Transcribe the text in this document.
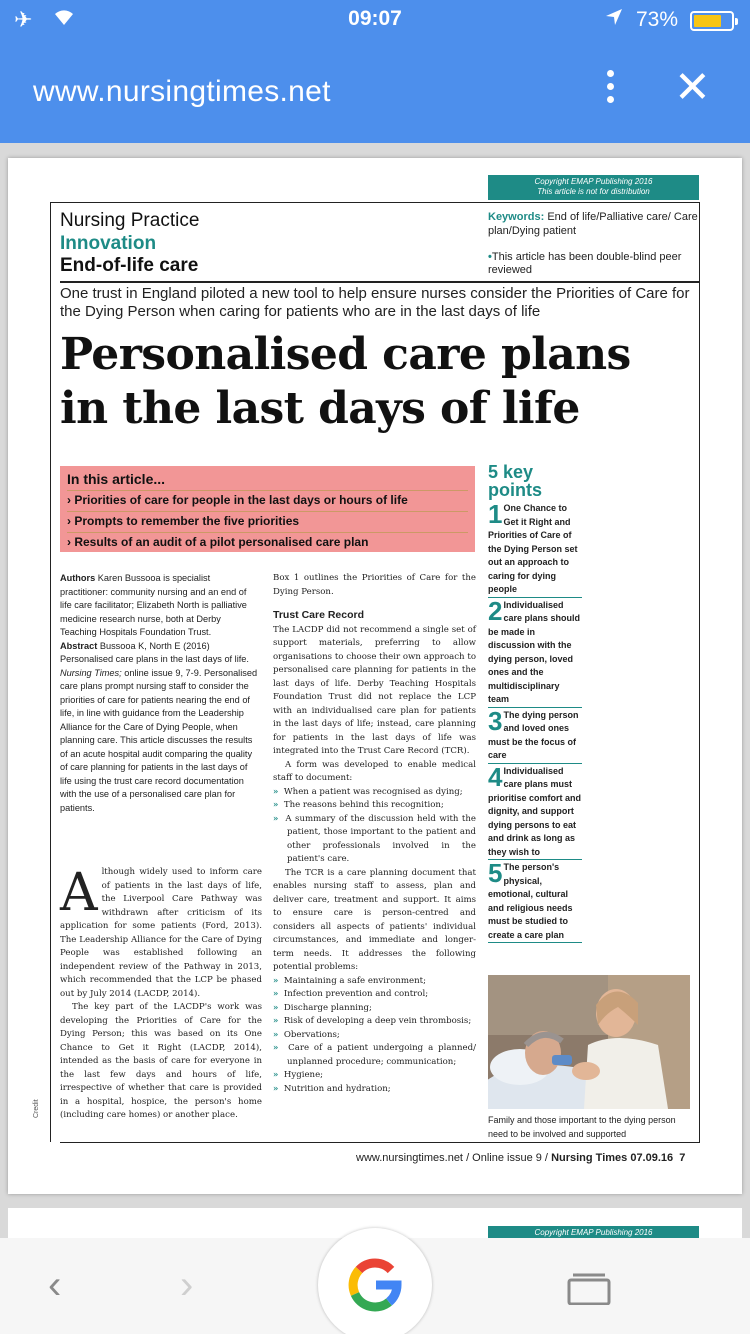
✈	09:07	73%
www.nursingtimes.net	✕
Copyright EMAP Publishing 2016
This article is not for distribution
Nursing Practice
Innovation
End-of-life care
Keywords: End of life/Palliative care/ Care plan/Dying patient
•This article has been double-blind peer reviewed
One trust in England piloted a new tool to help ensure nurses consider the Priorities of Care for the Dying Person when caring for patients who are in the last days of life
Personalised care plans
in the last days of life
In this article...
› Priorities of care for people in the last days or hours of life
› Prompts to remember the five priorities
› Results of an audit of a pilot personalised care plan
Authors Karen Bussooa is specialist practitioner: community nursing and an end of life care facilitator; Elizabeth North is palliative medicine research nurse, both at Derby Teaching Hospitals Foundation Trust.
Abstract Bussooa K, North E (2016) Personalised care plans in the last days of life. Nursing Times; online issue 9, 7-9. Personalised care plans prompt nursing staff to consider the priorities of care for patients nearing the end of life, in line with guidance from the Leadership Alliance for the Care of Dying People, when planning care. This article discusses the results of an acute hospital audit comparing the quality of care planning for patients in the last days of life using the trust care record documentation with the use of a personalised care plan for patients.
A lthough widely used to inform care of patients in the last days of life, the Liverpool Care Pathway was withdrawn after criticism of its application for some patients (Ford, 2013). The Leadership Alliance for the Care of Dying People was established following an independent review of the Pathway in 2013, which recommended that the LCP be phased out by July 2014 (LACDP, 2014).
The key part of the LACDP's work was developing the Priorities of Care for the Dying Person; this was based on its One Chance to Get it Right (LACDP, 2014), intended as the basis of care for everyone in the last few days and hours of life, irrespective of whether that care is provided in a hospital, hospice, the person's home (including care homes) or another place.
Box 1 outlines the Priorities of Care for the Dying Person.
Trust Care Record
The LACDP did not recommend a single set of support materials, preferring to allow organisations to choose their own approach to personalised care planning for patients in the last days of life. Derby Teaching Hospitals Foundation Trust did not replace the LCP with an individualised care plan for patients in the last days of life; instead, care planning for patients in the last days of life was integrated into the Trust Care Record (TCR).
A form was developed to enable medical staff to document:
» When a patient was recognised as dying;
» The reasons behind this recognition;
» A summary of the discussion held with the patient, those important to the patient and other professionals involved in the patient's care.
The TCR is a care planning document that enables nursing staff to assess, plan and deliver care, treatment and support. It aims to ensure care is person-centred and considers all aspects of patients' individual circumstances, and immediate and longer-term needs. It addresses the following potential problems:
» Maintaining a safe environment;
» Infection prevention and control;
» Discharge planning;
» Risk of developing a deep vein thrombosis;
» Obervations;
» Care of a patient undergoing a planned/ unplanned procedure; communication;
» Hygiene;
» Nutrition and hydration;
5 key
points
1 One Chance to Get it Right and Priorities of Care of the Dying Person set out an approach to caring for dying people
2 Individualised care plans should be made in discussion with the dying person, loved ones and the multidisciplinary team
3 The dying person and loved ones must be the focus of care
4 Individualised care plans must prioritise comfort and dignity, and support dying persons to eat and drink as long as they wish to
5 The person's physical, emotional, cultural and religious needs must be studied to create a care plan
Family and those important to the dying person need to be involved and supported
Credit
www.nursingtimes.net / Online issue 9 / Nursing Times 07.09.16 7
Copyright EMAP Publishing 2016
‹	›
